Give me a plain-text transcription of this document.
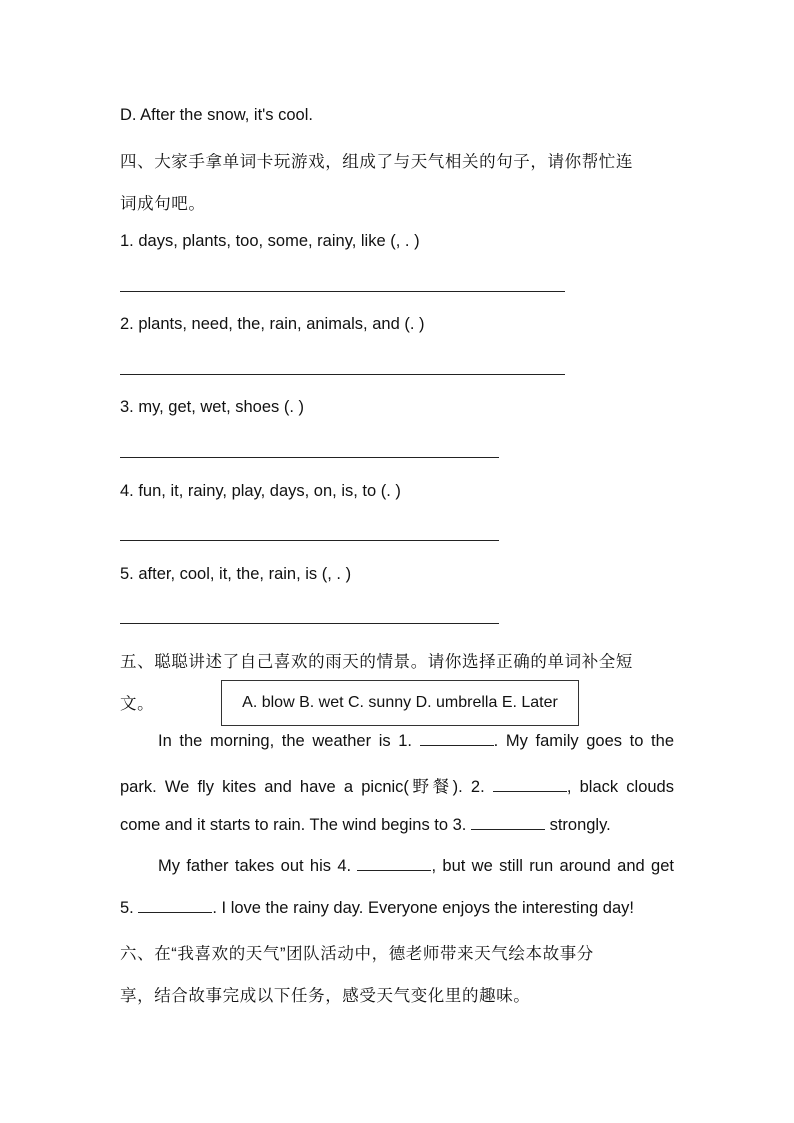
D. After the snow, it's cool.
四、大家手拿单词卡玩游戏，组成了与天气相关的句子，请你帮忙连
词成句吧。
1. days, plants, too, some, rainy, like (, . )
2. plants, need, the, rain, animals, and (. )
3. my, get, wet, shoes (. )
4. fun, it, rainy, play, days, on, is, to (. )
5. after, cool, it, the, rain, is (, . )
五、聪聪讲述了自己喜欢的雨天的情景。请你选择正确的单词补全短
文。	A. blow B. wet C. sunny D. umbrella E. Later
In the morning, the weather is 1.	. My family goes to the
park. We fly kites and have a picnic(野餐). 2.	, black clouds
come and it starts to rain. The wind begins to 3.	strongly.
My father takes out his 4.	, but we still run around and get
5.	. I love the rainy day. Everyone enjoys the interesting day!
六、在“我喜欢的天气”团队活动中，德老师带来天气绘本故事分
享，结合故事完成以下任务，感受天气变化里的趣味。
